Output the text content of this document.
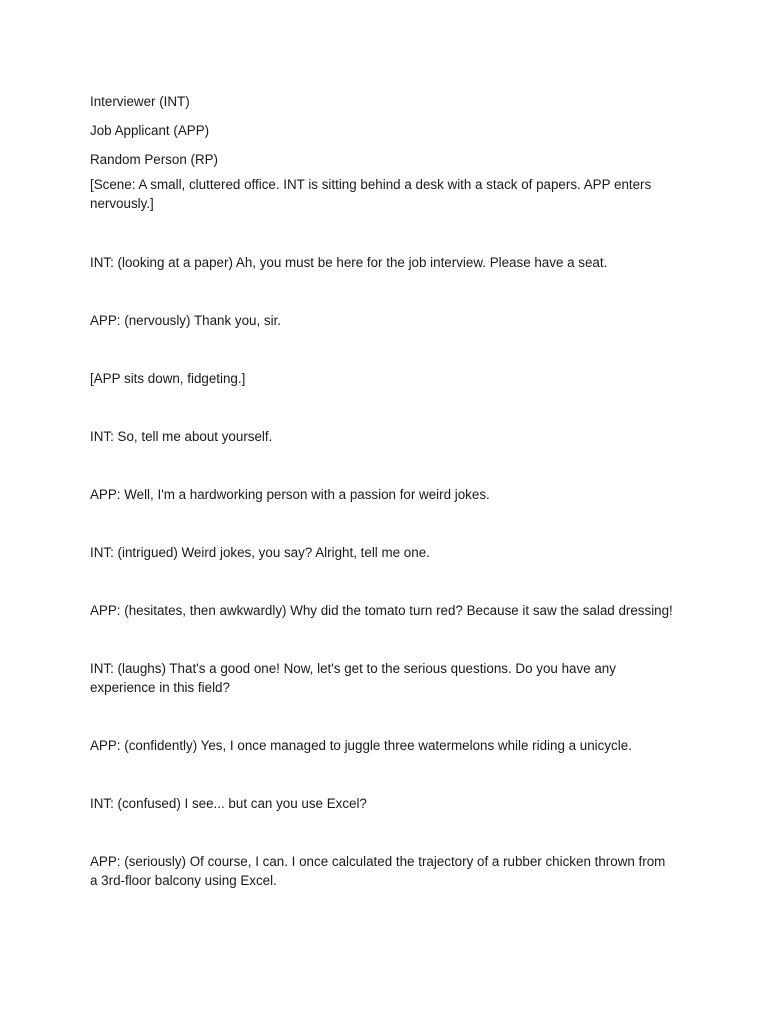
Interviewer (INT)

Job Applicant (APP)

Random Person (RP)

[Scene: A small, cluttered office. INT is sitting behind a desk with a stack of papers. APP enters nervously.]

INT: (looking at a paper) Ah, you must be here for the job interview. Please have a seat.

APP: (nervously) Thank you, sir.

[APP sits down, fidgeting.]

INT: So, tell me about yourself.

APP: Well, I'm a hardworking person with a passion for weird jokes.

INT: (intrigued) Weird jokes, you say? Alright, tell me one.

APP: (hesitates, then awkwardly) Why did the tomato turn red? Because it saw the salad dressing!

INT: (laughs) That's a good one! Now, let's get to the serious questions. Do you have any experience in this field?

APP: (confidently) Yes, I once managed to juggle three watermelons while riding a unicycle.

INT: (confused) I see... but can you use Excel?

APP: (seriously) Of course, I can. I once calculated the trajectory of a rubber chicken thrown from a 3rd-floor balcony using Excel.
